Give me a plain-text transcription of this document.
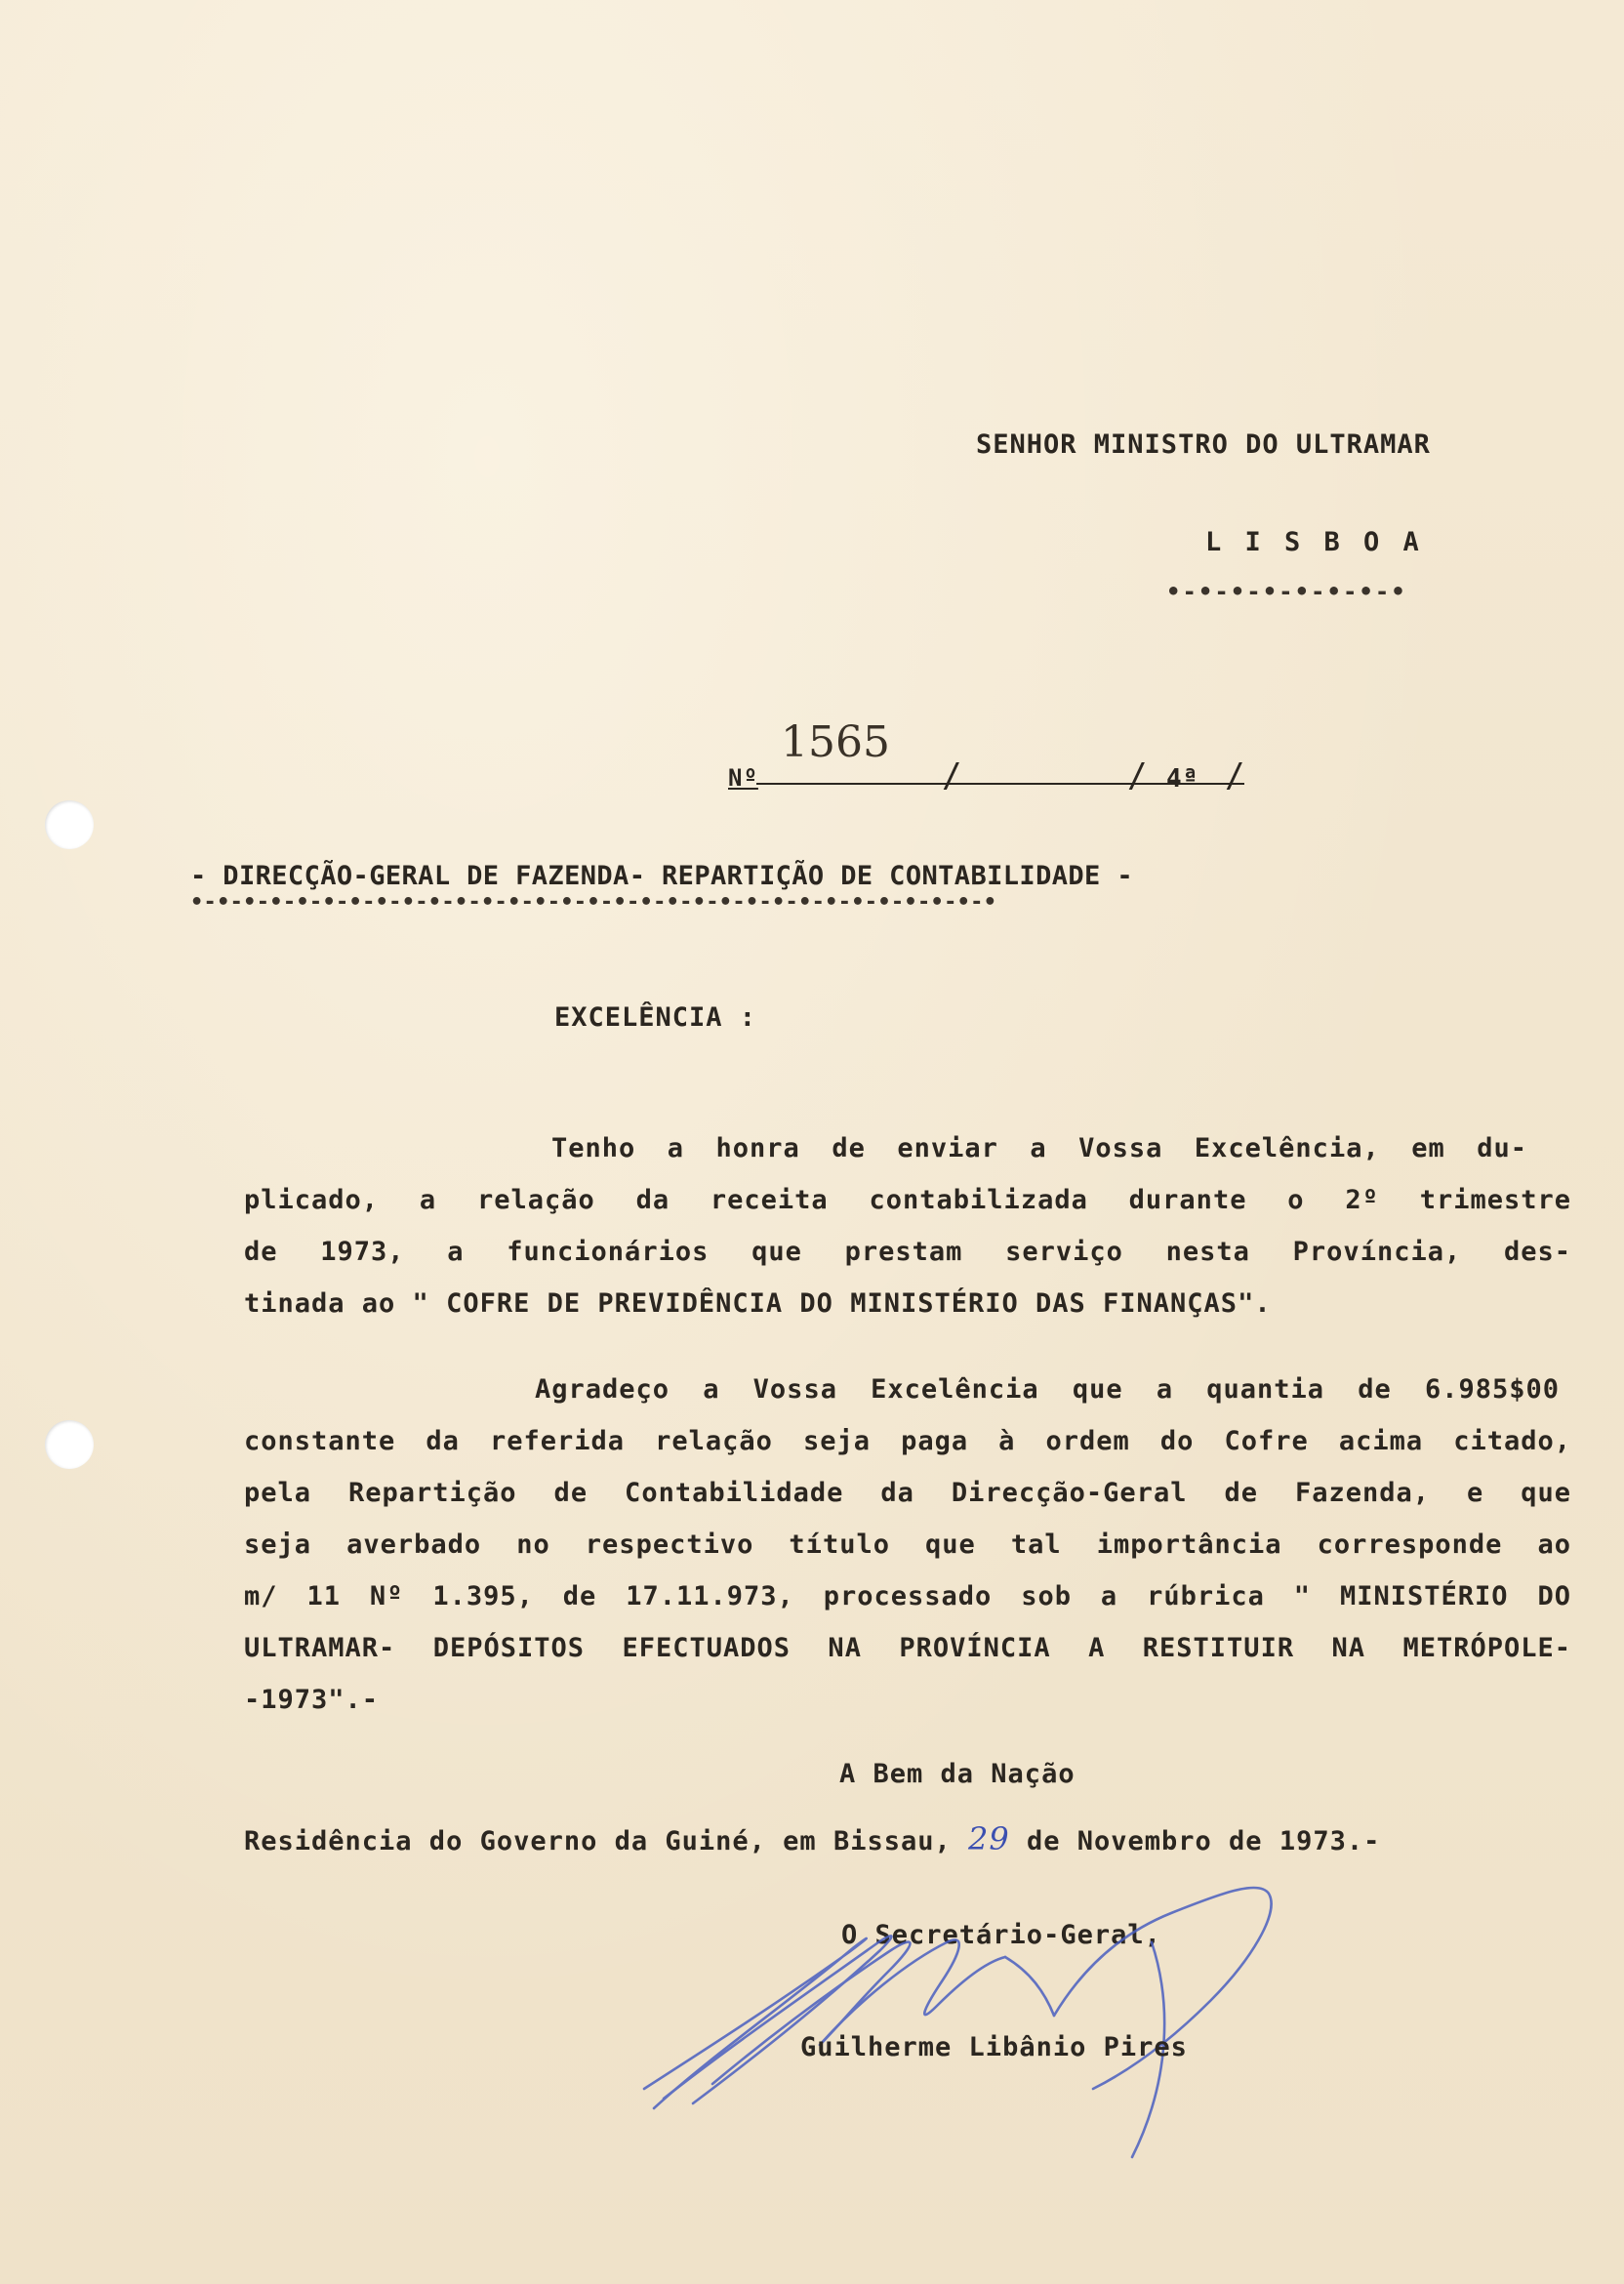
SENHOR MINISTRO DO ULTRAMAR
L I S B O A
•-•-•-•-•-•-•-•
Nº
1565
/	/ 4ª /
- DIRECÇÃO-GERAL DE FAZENDA- REPARTIÇÃO DE CONTABILIDADE -
•-•-•-•-•-•-•-•-•-•-•-•-•-•-•-•-•-•-•-•-•-•-•-•-•-•-•-•-•-•-•
EXCELÊNCIA :
Tenho a honra de enviar a Vossa Excelência, em du-
plicado, a relação da receita contabilizada durante o 2º trimestre
de 1973, a funcionários que prestam serviço nesta Província, des-
tinada ao " COFRE DE PREVIDÊNCIA DO MINISTÉRIO DAS FINANÇAS".
Agradeço a Vossa Excelência que a quantia de 6.985$00
constante da referida relação seja paga à ordem do Cofre acima citado,
pela Repartição de Contabilidade da Direcção-Geral de Fazenda, e que
seja averbado no respectivo título que tal importância corresponde ao
m/ 11 Nº 1.395, de 17.11.973, processado sob a rúbrica " MINISTÉRIO DO
ULTRAMAR- DEPÓSITOS EFECTUADOS NA PROVÍNCIA A RESTITUIR NA METRÓPOLE-
-1973".-
A Bem da Nação
Residência do Governo da Guiné, em Bissau, 29 de Novembro de 1973.-
O Secretário-Geral,
Guilherme Libânio Pires
